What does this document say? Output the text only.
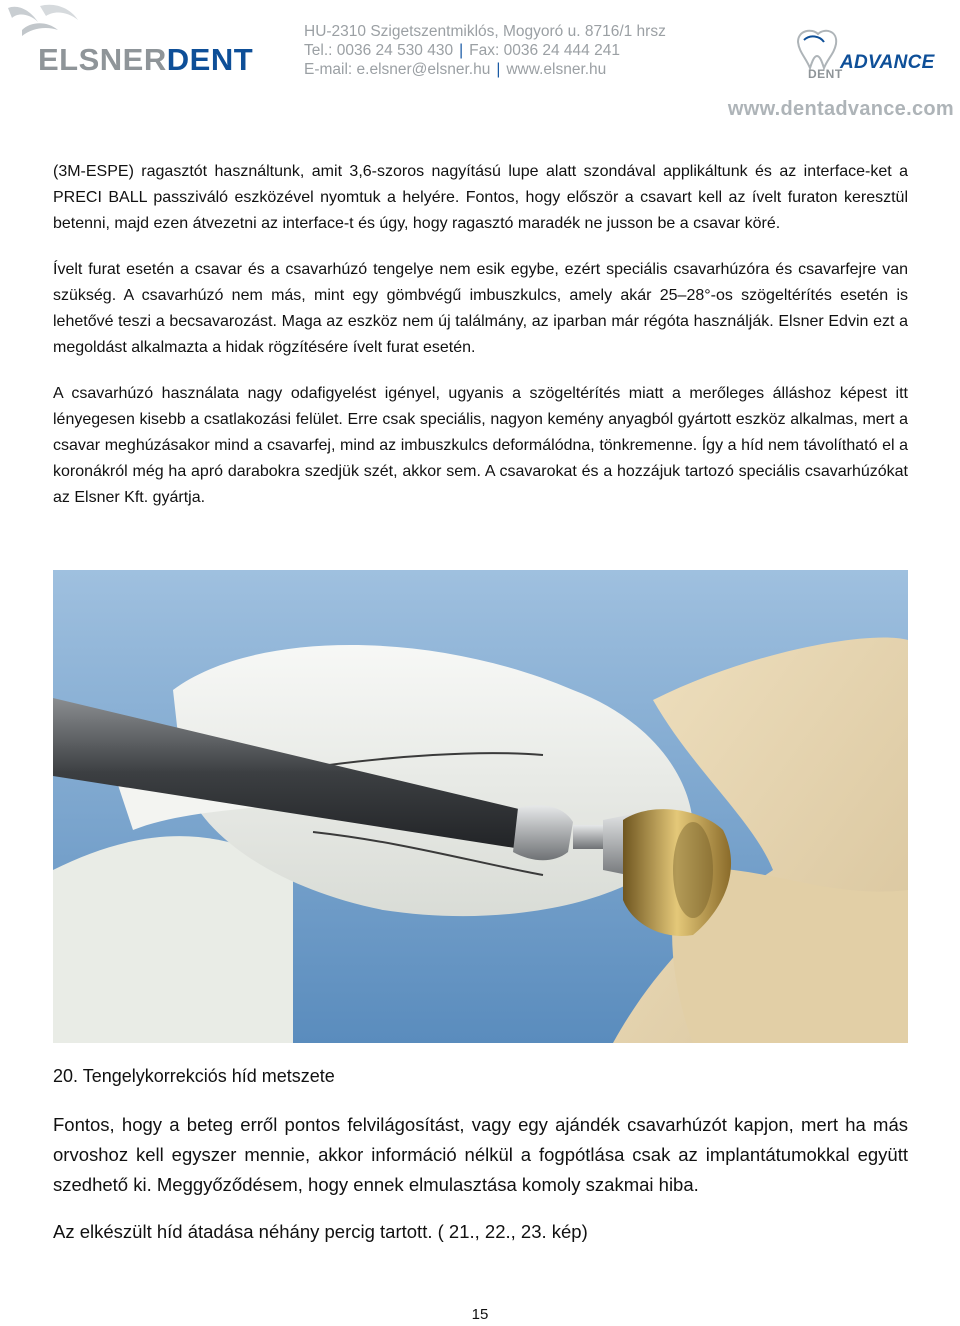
ELSNERDENT
HU-2310 Szigetszentmiklós, Mogyoró u. 8716/1 hrsz
Tel.: 0036 24 530 430 | Fax: 0036 24 444 241
E-mail: e.elsner@elsner.hu | www.elsner.hu	DENT
ADVANCE
www.dentadvance.com

(3M-ESPE) ragasztót használtunk, amit 3,6-szoros nagyítású lupe alatt szondával applikáltunk és az interface-ket a PRECI BALL passziváló eszközével nyomtuk a helyére. Fontos, hogy először a csavart kell az ívelt furaton keresztül betenni, majd ezen átvezetni az interface-t és úgy, hogy ragasztó maradék ne jusson be a csavar köré.

Ívelt furat esetén a csavar és a csavarhúzó tengelye nem esik egybe, ezért speciális csavarhúzóra és csavarfejre van szükség. A csavarhúzó nem más, mint egy gömbvégű imbuszkulcs, amely akár 25‒28°-os szögeltérítés esetén is lehetővé teszi a becsavarozást. Maga az eszköz nem új találmány, az iparban már régóta használják. Elsner Edvin ezt a megoldást alkalmazta a hidak rögzítésére ívelt furat esetén.

A csavarhúzó használata nagy odafigyelést igényel, ugyanis a szögeltérítés miatt a merőleges álláshoz képest itt lényegesen kisebb a csatlakozási felület. Erre csak speciális, nagyon kemény anyagból gyártott eszköz alkalmas, mert a csavar meghúzásakor mind a csavarfej, mind az imbuszkulcs deformálódna, tönkremenne. Így a híd nem távolítható el a koronákról még ha apró darabokra szedjük szét, akkor sem. A csavarokat és a hozzájuk tartozó speciális csavarhúzókat az Elsner Kft. gyártja.

20. Tengelykorrekciós híd metszete

Fontos, hogy a beteg erről pontos felvilágosítást, vagy egy ajándék csavarhúzót kapjon, mert ha más orvoshoz kell egyszer mennie, akkor információ nélkül a fogpótlása csak az implantátumokkal együtt szedhető ki. Meggyőződésem, hogy ennek elmulasztása komoly szakmai hiba.

Az elkészült híd átadása néhány percig tartott. ( 21., 22., 23. kép)

15
